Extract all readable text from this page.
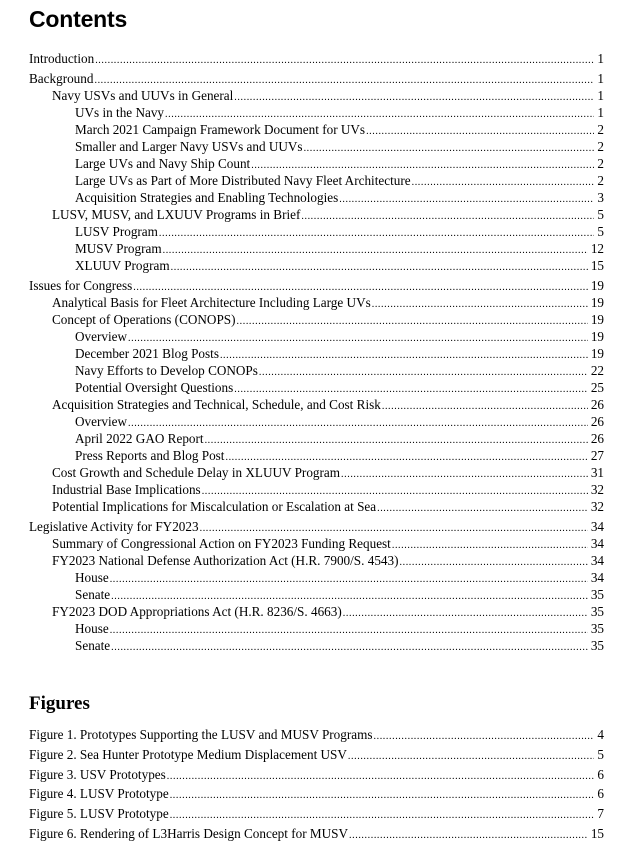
Contents
Introduction .....	1
Background .....	1
Navy USVs and UUVs in General .....	1
UVs in the Navy .....	1
March 2021 Campaign Framework Document for UVs .....	2
Smaller and Larger Navy USVs and UUVs .....	2
Large UVs and Navy Ship Count .....	2
Large UVs as Part of More Distributed Navy Fleet Architecture .....	2
Acquisition Strategies and Enabling Technologies .....	3
LUSV, MUSV, and LXUUV Programs in Brief .....	5
LUSV Program .....	5
MUSV Program .....	12
XLUUV Program .....	15
Issues for Congress .....	19
Analytical Basis for Fleet Architecture Including Large UVs .....	19
Concept of Operations (CONOPS) .....	19
Overview .....	19
December 2021 Blog Posts .....	19
Navy Efforts to Develop CONOPs .....	22
Potential Oversight Questions .....	25
Acquisition Strategies and Technical, Schedule, and Cost Risk .....	26
Overview .....	26
April 2022 GAO Report .....	26
Press Reports and Blog Post .....	27
Cost Growth and Schedule Delay in XLUUV Program .....	31
Industrial Base Implications .....	32
Potential Implications for Miscalculation or Escalation at Sea .....	32
Legislative Activity for FY2023 .....	34
Summary of Congressional Action on FY2023 Funding Request .....	34
FY2023 National Defense Authorization Act (H.R. 7900/S. 4543) .....	34
House .....	34
Senate .....	35
FY2023 DOD Appropriations Act (H.R. 8236/S. 4663) .....	35
House .....	35
Senate .....	35
Figures
Figure 1. Prototypes Supporting the LUSV and MUSV Programs .....	4
Figure 2. Sea Hunter Prototype Medium Displacement USV .....	5
Figure 3. USV Prototypes .....	6
Figure 4. LUSV Prototype .....	6
Figure 5. LUSV Prototype .....	7
Figure 6. Rendering of L3Harris Design Concept for MUSV .....	15
